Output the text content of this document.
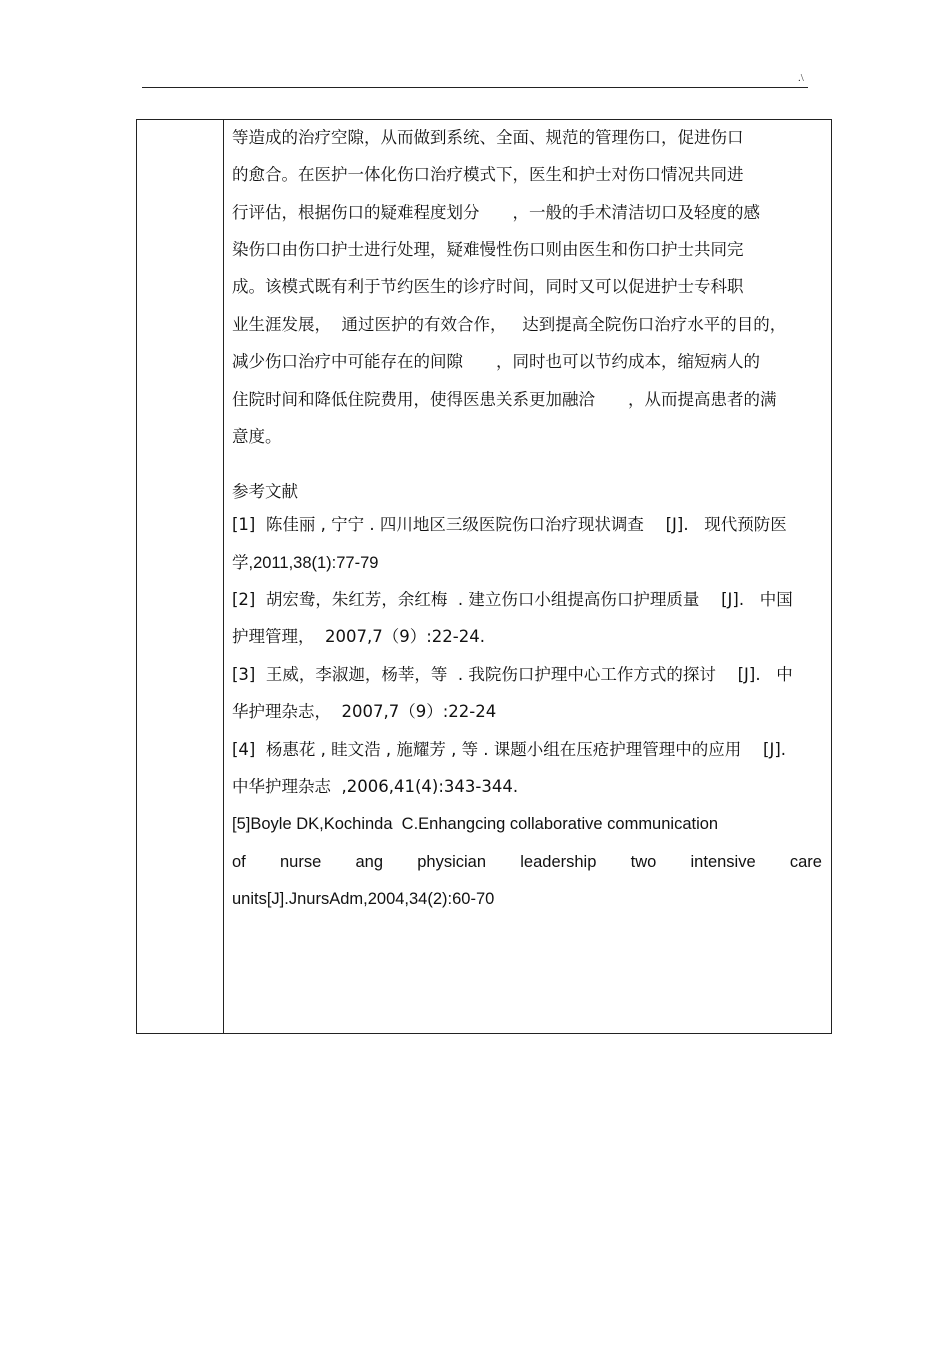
.\
等造成的治疗空隙，从而做到系统、全面、规范的管理伤口，促进伤口
的愈合。在医护一体化伤口治疗模式下，医生和护士对伤口情况共同进
行评估，根据伤口的疑难程度划分　　，一般的手术清洁切口及轻度的感
染伤口由伤口护士进行处理，疑难慢性伤口则由医生和伤口护士共同完
成。该模式既有利于节约医生的诊疗时间，同时又可以促进护士专科职
业生涯发展，  通过医护的有效合作，   达到提高全院伤口治疗水平的目的，
减少伤口治疗中可能存在的间隙　　，同时也可以节约成本，缩短病人的
住院时间和降低住院费用，使得医患关系更加融洽　　，从而提高患者的满
意度。
参考文献
[1]  陈佳丽 , 宁宁 . 四川地区三级医院伤口治疗现状调查　 [J].   现代预防医
学,2011,38(1):77-79
[2]  胡宏鸯，朱红芳，余红梅  . 建立伤口小组提高伤口护理质量　 [J].   中国
护理管理，  2007,7（9）:22-24.
[3]  王威，李淑迦，杨莘，等  . 我院伤口护理中心工作方式的探讨　 [J].   中
华护理杂志，  2007,7（9）:22-24
[4]  杨惠花 , 眭文浩 , 施耀芳 , 等 . 课题小组在压疮护理管理中的应用　 [J].
中华护理杂志  ,2006,41(4):343-344.
[5]Boyle DK,Kochinda  C.Enhangcing collaborative communication
of nurse ang physician leadership two intensive care
units[J].JnursAdm,2004,34(2):60-70
